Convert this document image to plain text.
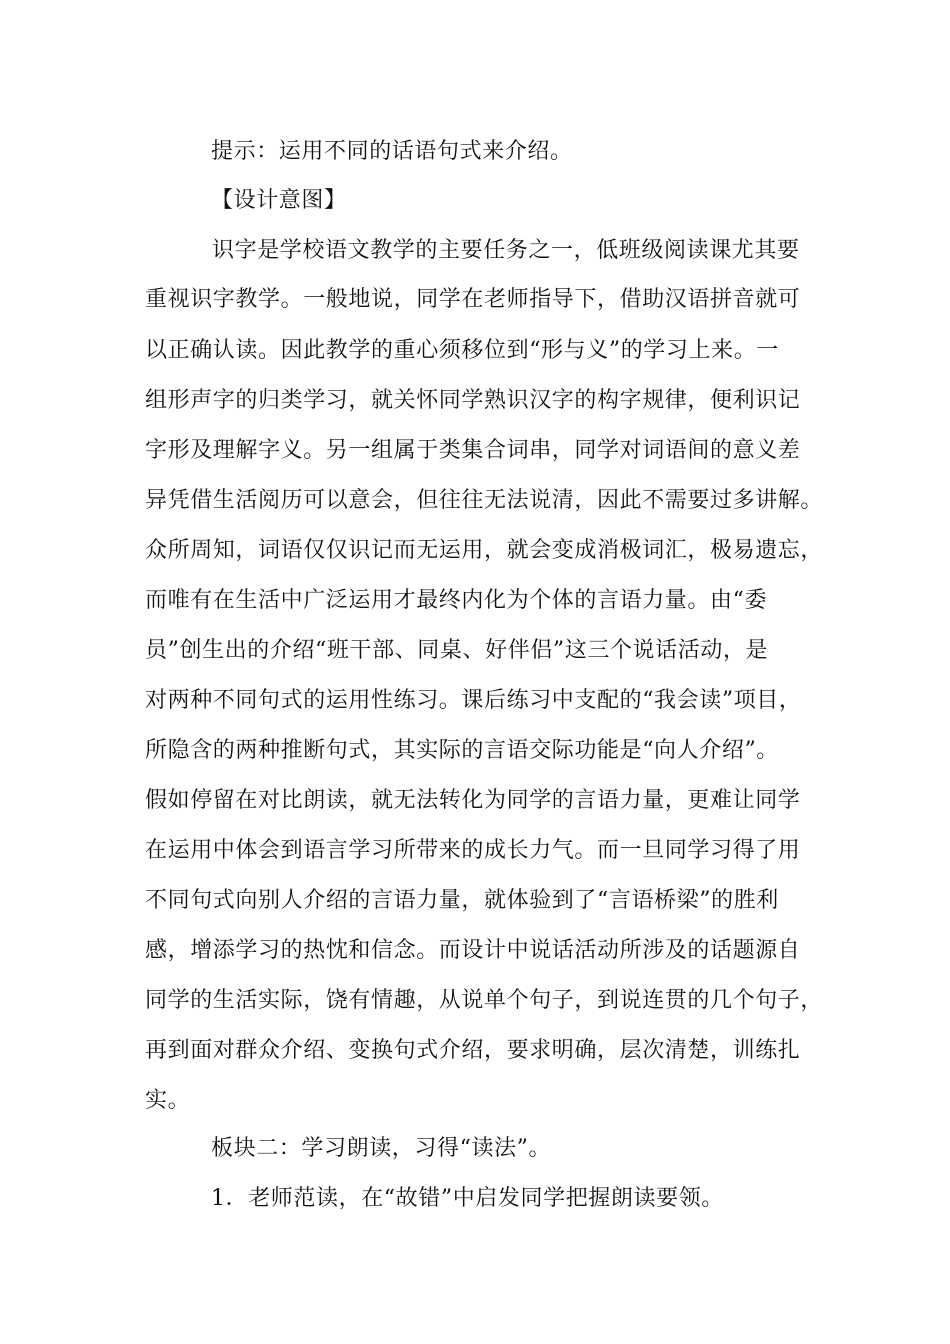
提示：运用不同的话语句式来介绍。
【设计意图】
识字是学校语文教学的主要任务之一，低班级阅读课尤其要
重视识字教学。一般地说，同学在老师指导下，借助汉语拼音就可
以正确认读。因此教学的重心须移位到“形与义”的学习上来。一
组形声字的归类学习，就关怀同学熟识汉字的构字规律，便利识记
字形及理解字义。另一组属于类集合词串，同学对词语间的意义差
异凭借生活阅历可以意会，但往往无法说清，因此不需要过多讲解。
众所周知，词语仅仅识记而无运用，就会变成消极词汇，极易遗忘，
而唯有在生活中广泛运用才最终内化为个体的言语力量。由“委
员”创生出的介绍“班干部、同桌、好伴侣”这三个说话活动，是
对两种不同句式的运用性练习。课后练习中支配的“我会读”项目，
所隐含的两种推断句式，其实际的言语交际功能是“向人介绍”。
假如停留在对比朗读，就无法转化为同学的言语力量，更难让同学
在运用中体会到语言学习所带来的成长力气。而一旦同学习得了用
不同句式向别人介绍的言语力量，就体验到了“言语桥梁”的胜利
感，增添学习的热忱和信念。而设计中说话活动所涉及的话题源自
同学的生活实际，饶有情趣，从说单个句子，到说连贯的几个句子，
再到面对群众介绍、变换句式介绍，要求明确，层次清楚，训练扎
实。
板块二：学习朗读，习得“读法”。
1．老师范读，在“故错”中启发同学把握朗读要领。
